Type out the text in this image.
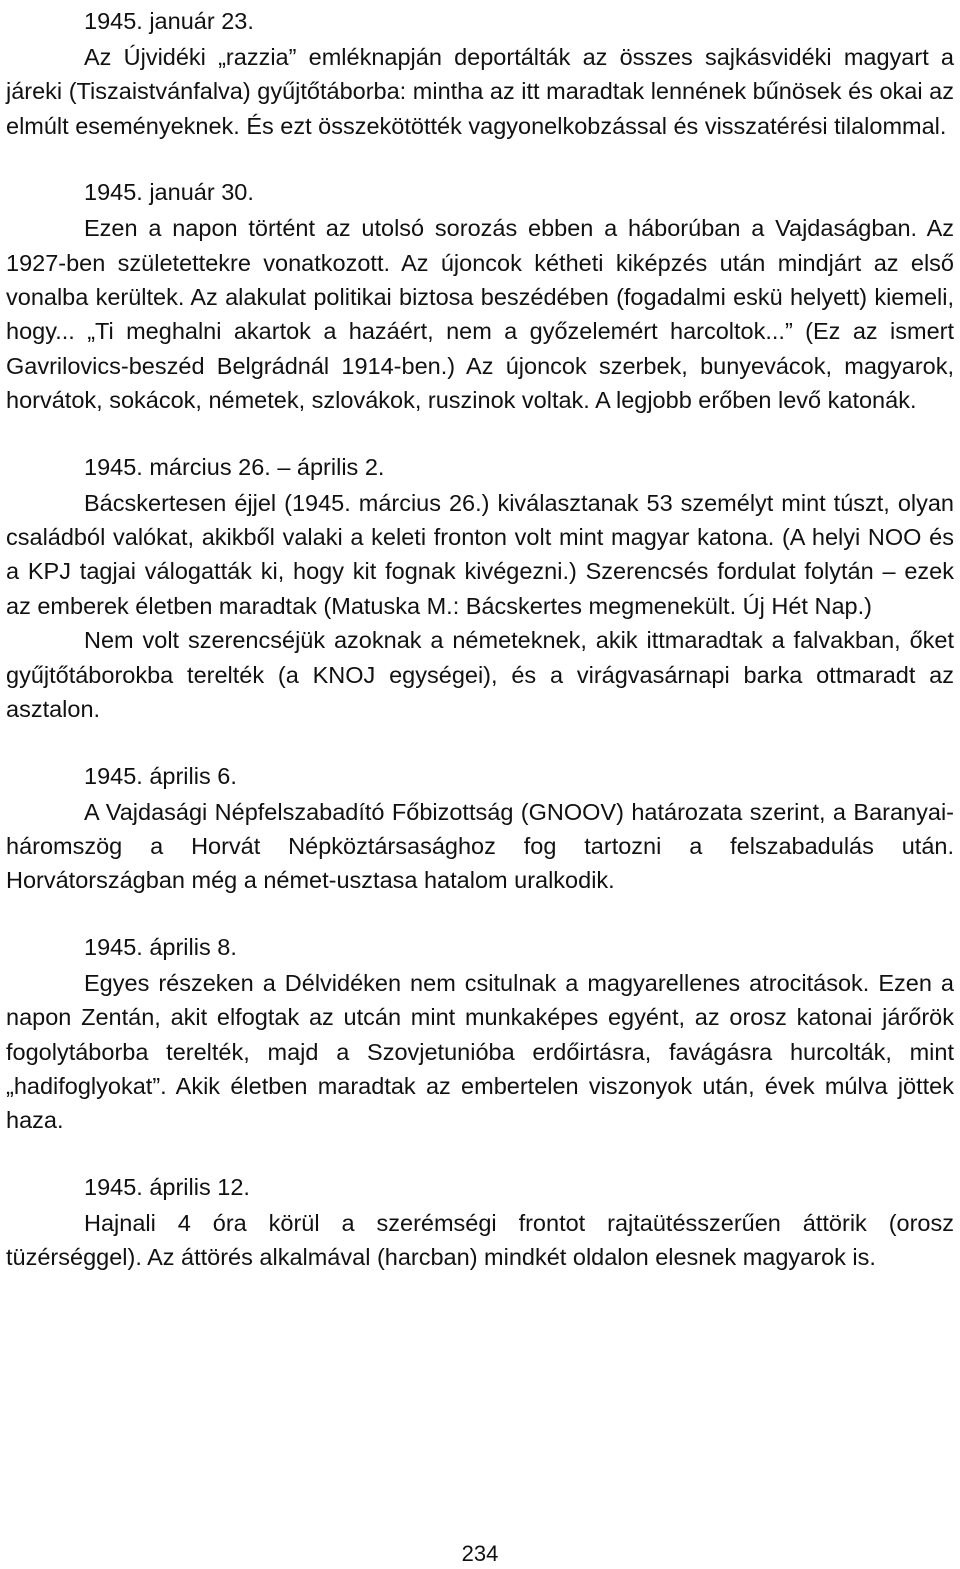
1945. január 23.

Az Újvidéki „razzia” emléknapján deportálták az összes sajkásvidéki magyart a járeki (Tiszaistvánfalva) gyűjtőtáborba: mintha az itt maradtak lennének bűnösek és okai az elmúlt eseményeknek. És ezt összekötötték vagyonelkobzással és visszatérési tilalommal.

1945. január 30.

Ezen a napon történt az utolsó sorozás ebben a háborúban a Vajdaságban. Az 1927-ben születettekre vonatkozott. Az újoncok kétheti kiképzés után mindjárt az első vonalba kerültek. Az alakulat politikai biztosa beszédében (fogadalmi eskü helyett) kiemeli, hogy... „Ti meghalni akartok a hazáért, nem a győzelemért harcoltok...” (Ez az ismert Gavrilovics-beszéd Belgrádnál 1914-ben.) Az újoncok szerbek, bunyevácok, magyarok, horvátok, sokácok, németek, szlovákok, ruszinok voltak. A legjobb erőben levő katonák.

1945. március 26. – április 2.

Bácskertesen éjjel (1945. március 26.) kiválasztanak 53 személyt mint túszt, olyan családból valókat, akikből valaki a keleti fronton volt mint magyar katona. (A helyi NOO és a KPJ tagjai válogatták ki, hogy kit fognak kivégezni.) Szerencsés fordulat folytán – ezek az emberek életben maradtak (Matuska M.: Bácskertes megmenekült. Új Hét Nap.)

Nem volt szerencséjük azoknak a németeknek, akik ittmaradtak a falvakban, őket gyűjtőtáborokba terelték (a KNOJ egységei), és a virágvasárnapi barka ottmaradt az asztalon.

1945. április 6.

A Vajdasági Népfelszabadító Főbizottság (GNOOV) határozata szerint, a Baranyai-háromszög a Horvát Népköztársasághoz fog tartozni a felszabadulás után. Horvátországban még a német-usztasa hatalom uralkodik.

1945. április 8.

Egyes részeken a Délvidéken nem csitulnak a magyarellenes atrocitások. Ezen a napon Zentán, akit elfogtak az utcán mint munkaképes egyént, az orosz katonai járőrök fogolytáborba terelték, majd a Szovjetunióba erdőirtásra, favágásra hurcolták, mint „hadifoglyokat”. Akik életben maradtak az embertelen viszonyok után, évek múlva jöttek haza.

1945. április 12.

Hajnali 4 óra körül a szerémségi frontot rajtaütésszerűen áttörik (orosz tüzérséggel). Az áttörés alkalmával (harcban) mindkét oldalon elesnek magyarok is.

234
